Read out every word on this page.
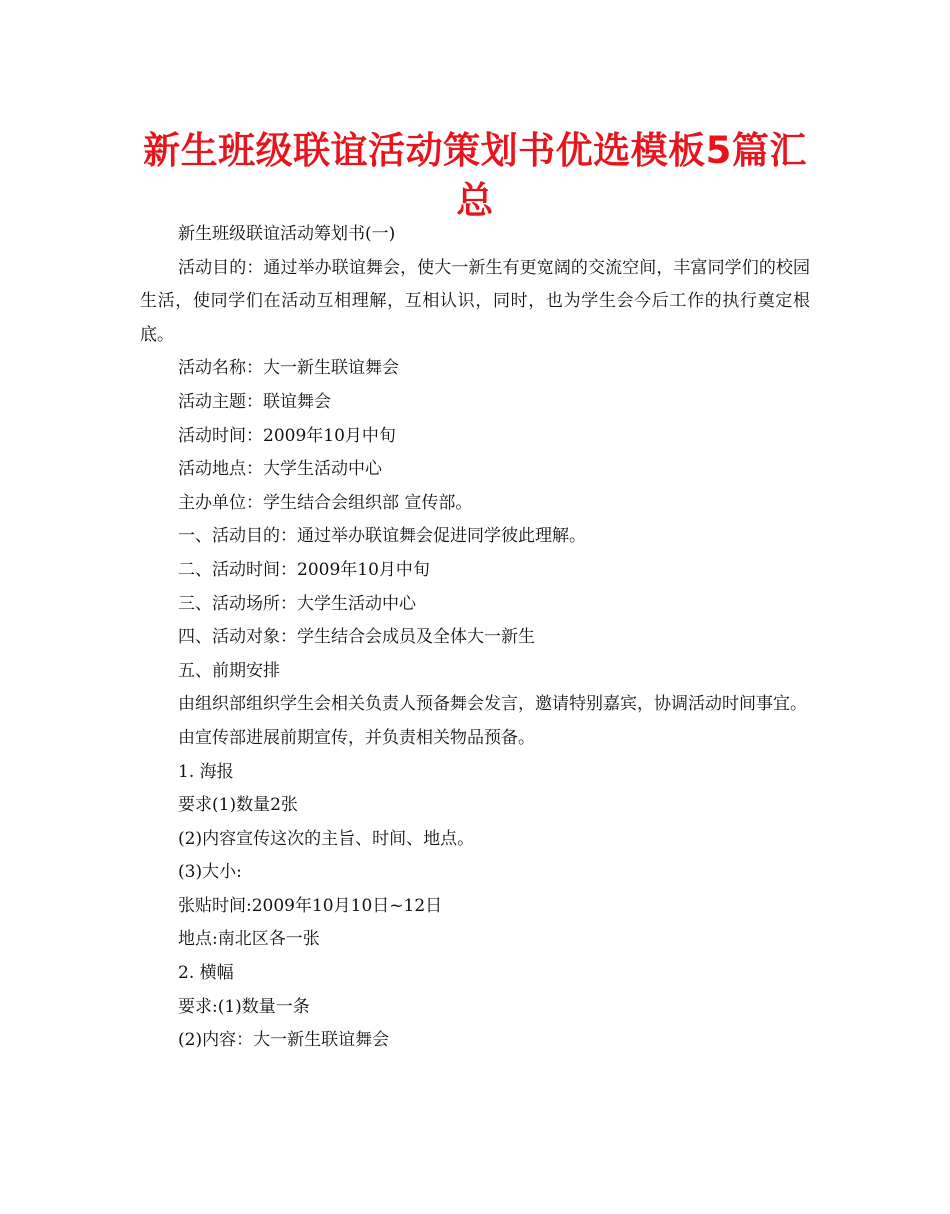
新生班级联谊活动策划书优选模板5篇汇总

新生班级联谊活动筹划书(一)

活动目的：通过举办联谊舞会，使大一新生有更宽阔的交流空间，丰富同学们的校园生活，使同学们在活动互相理解，互相认识，同时，也为学生会今后工作的执行奠定根底。

活动名称：大一新生联谊舞会

活动主题：联谊舞会

活动时间：2009年10月中旬

活动地点：大学生活动中心

主办单位：学生结合会组织部 宣传部。

一、活动目的：通过举办联谊舞会促进同学彼此理解。

二、活动时间：2009年10月中旬

三、活动场所：大学生活动中心

四、活动对象：学生结合会成员及全体大一新生

五、前期安排

由组织部组织学生会相关负责人预备舞会发言，邀请特别嘉宾，协调活动时间事宜。

由宣传部进展前期宣传，并负责相关物品预备。

1. 海报

要求(1)数量2张

(2)内容宣传这次的主旨、时间、地点。

(3)大小:

张贴时间:2009年10月10日~12日

地点:南北区各一张

2. 横幅

要求:(1)数量一条

(2)内容：大一新生联谊舞会
